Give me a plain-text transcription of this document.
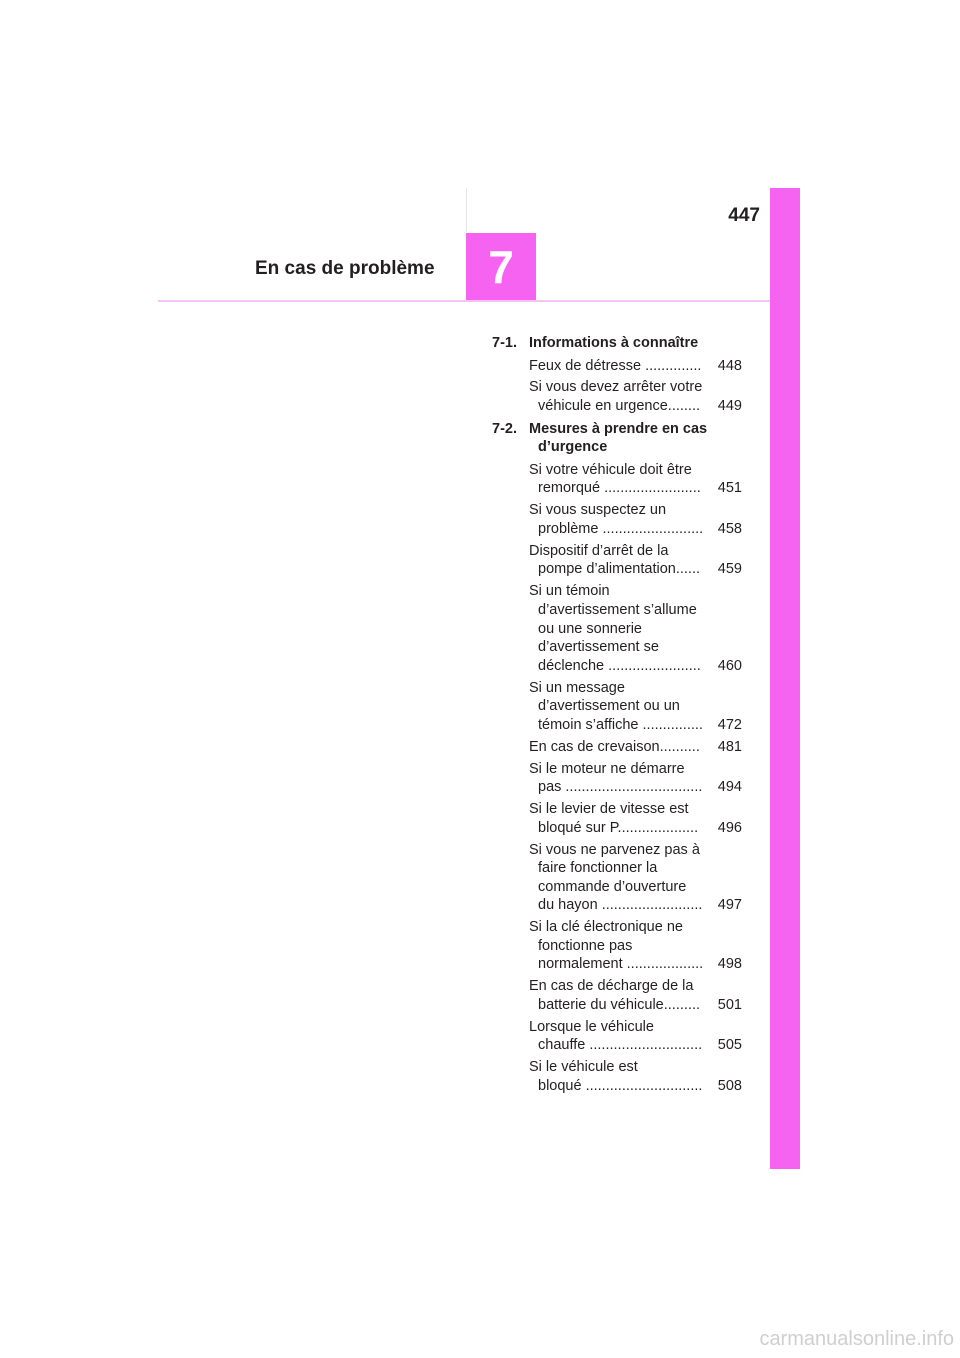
447
En cas de problème	7
7-1. Informations à connaître
448
Feux de détresse ..............
Si vous devez arrêter votre
449
véhicule en urgence........
7-2. Mesures à prendre en cas d’urgence
Si votre véhicule doit être
451
remorqué ........................
Si vous suspectez un
458
problème .........................
Dispositif d’arrêt de la
459
pompe d’alimentation......
Si un témoin
d’avertissement s’allume
ou une sonnerie
d’avertissement se
460
déclenche .......................
Si un message
d’avertissement ou un
472
témoin s’affiche ...............
481
En cas de crevaison..........
Si le moteur ne démarre
494
pas ..................................
Si le levier de vitesse est
496
bloqué sur P....................
Si vous ne parvenez pas à
faire fonctionner la
commande d’ouverture
497
du hayon .........................
Si la clé électronique ne
fonctionne pas
498
normalement ...................
En cas de décharge de la
501
batterie du véhicule.........
Lorsque le véhicule
505
chauffe ............................
Si le véhicule est
508
bloqué .............................
carmanualsonline.info
